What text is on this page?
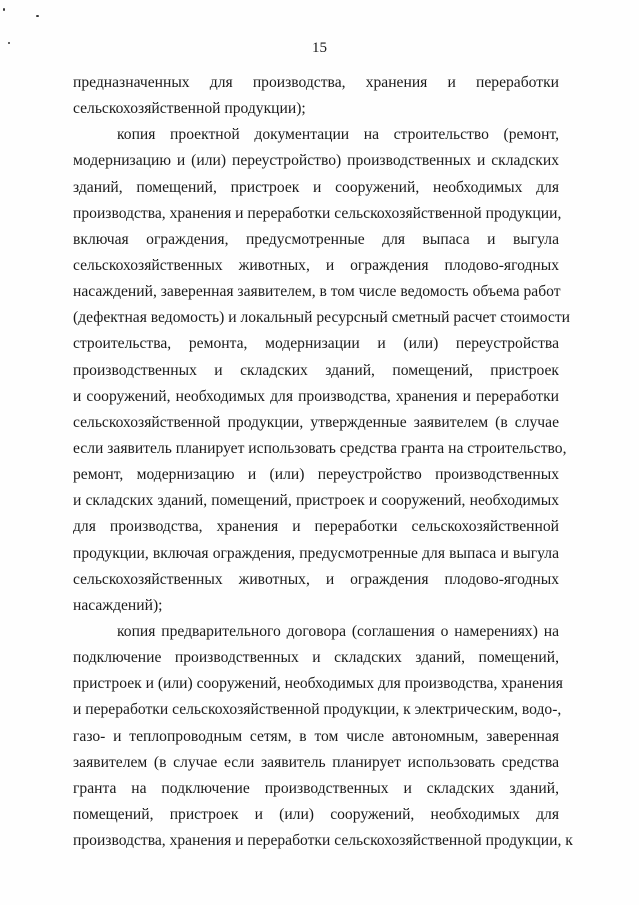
15
предназначенных для производства, хранения и переработки
сельскохозяйственной продукции);
копия проектной документации на строительство (ремонт,
модернизацию и (или) переустройство) производственных и складских
зданий, помещений, пристроек и сооружений, необходимых для
производства, хранения и переработки сельскохозяйственной продукции,
включая ограждения, предусмотренные для выпаса и выгула
сельскохозяйственных животных, и ограждения плодово-ягодных
насаждений, заверенная заявителем, в том числе ведомость объема работ
(дефектная ведомость) и локальный ресурсный сметный расчет стоимости
строительства, ремонта, модернизации и (или) переустройства
производственных и складских зданий, помещений, пристроек
и сооружений, необходимых для производства, хранения и переработки
сельскохозяйственной продукции, утвержденные заявителем (в случае
если заявитель планирует использовать средства гранта на строительство,
ремонт, модернизацию и (или) переустройство производственных
и складских зданий, помещений, пристроек и сооружений, необходимых
для производства, хранения и переработки сельскохозяйственной
продукции, включая ограждения, предусмотренные для выпаса и выгула
сельскохозяйственных животных, и ограждения плодово-ягодных
насаждений);
копия предварительного договора (соглашения о намерениях) на
подключение производственных и складских зданий, помещений,
пристроек и (или) сооружений, необходимых для производства, хранения
и переработки сельскохозяйственной продукции, к электрическим, водо-,
газо- и теплопроводным сетям, в том числе автономным, заверенная
заявителем (в случае если заявитель планирует использовать средства
гранта на подключение производственных и складских зданий,
помещений, пристроек и (или) сооружений, необходимых для
производства, хранения и переработки сельскохозяйственной продукции, к
